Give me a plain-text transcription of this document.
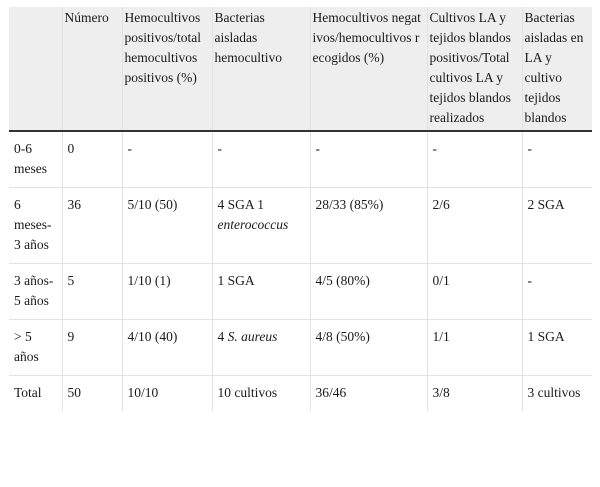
	Número	Hemocultivos positivos/total hemocultivos positivos (%)	Bacterias aisladas hemocultivo	Hemocultivos negativos/hemocultivos recogidos (%)	Cultivos LA y tejidos blandos positivos/Total cultivos LA y tejidos blandos realizados	Bacterias aisladas en LA y cultivo tejidos blandos
0-6 meses	0	-	-	-	-	-
6 meses-3 años	36	5/10 (50)	4 SGA 1 enterococcus	28/33 (85%)	2/6	2 SGA
3 años-5 años	5	1/10 (1)	1 SGA	4/5 (80%)	0/1	-
> 5 años	9	4/10 (40)	4 S. aureus	4/8 (50%)	1/1	1 SGA
Total	50	10/10	10 cultivos	36/46	3/8	3 cultivos
